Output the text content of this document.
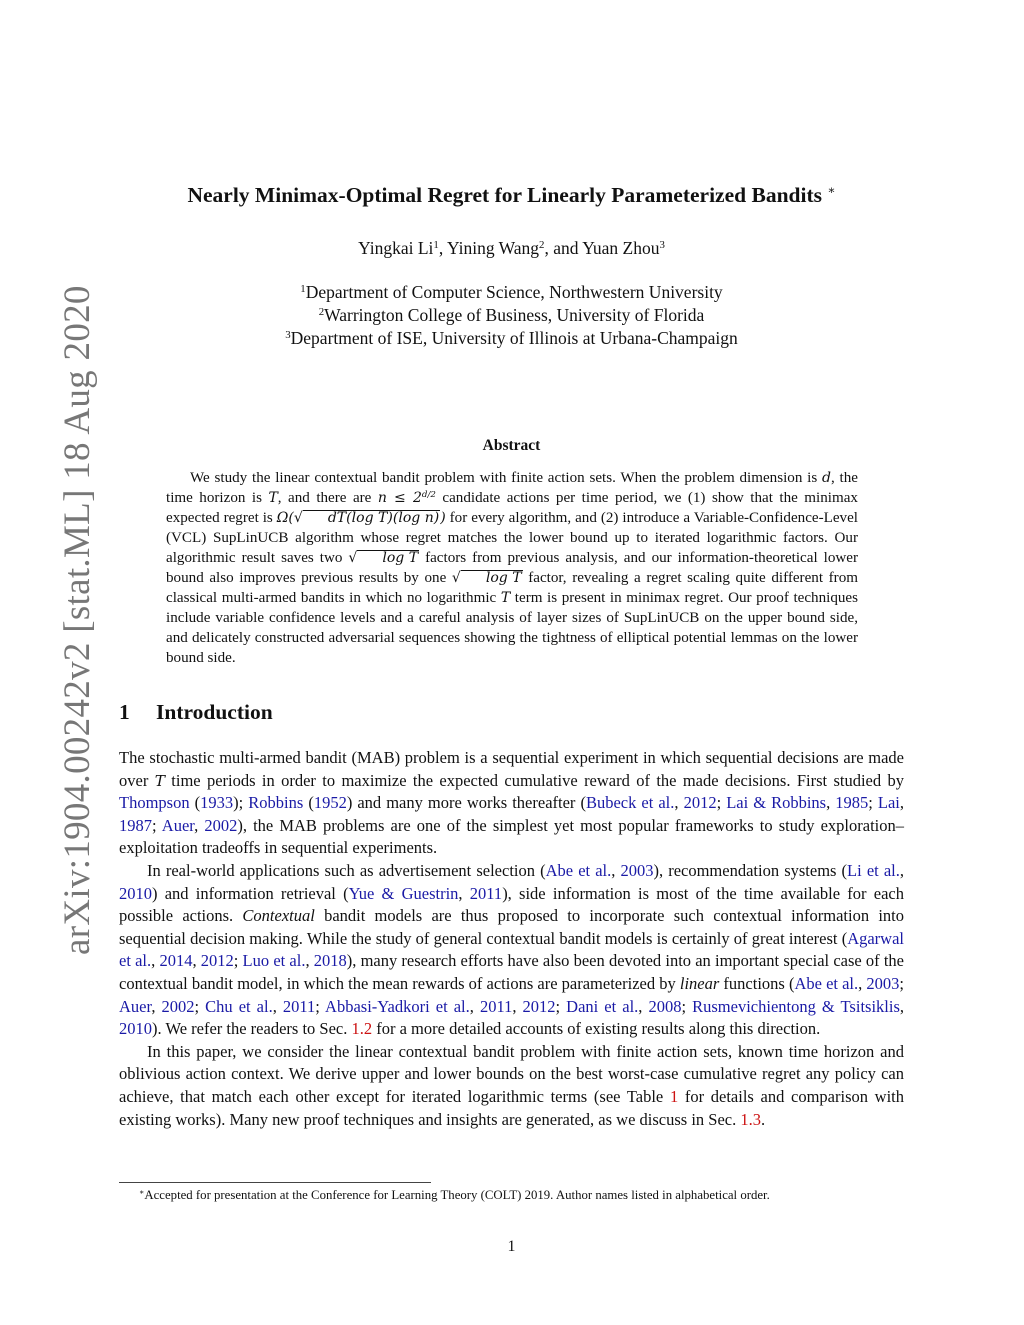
arXiv:1904.00242v2 [stat.ML] 18 Aug 2020
Nearly Minimax-Optimal Regret for Linearly Parameterized Bandits ∗
Yingkai Li$^1$, Yining Wang$^2$, and Yuan Zhou$^3$
$^1$Department of Computer Science, Northwestern University
$^2$Warrington College of Business, University of Florida
$^3$Department of ISE, University of Illinois at Urbana-Champaign
Abstract

We study the linear contextual bandit problem with finite action sets. When the problem dimension is d, the time horizon is T, and there are $n \le 2^{d/2}$ candidate actions per time period, we (1) show that the minimax expected regret is Ω(√ dT(log T)(log n)) for every algorithm, and (2) introduce a Variable-Confidence-Level (VCL) SupLinUCB algorithm whose regret matches the lower bound up to iterated logarithmic factors. Our algorithmic result saves two √ log T factors from previous analysis, and our information-theoretical lower bound also improves previous results by one √ log T factor, revealing a regret scaling quite different from classical multi-armed bandits in which no logarithmic T term is present in minimax regret. Our proof techniques include variable confidence levels and a careful analysis of layer sizes of SupLinUCB on the upper bound side, and delicately constructed adversarial sequences showing the tightness of elliptical potential lemmas on the lower bound side.

1 Introduction

The stochastic multi-armed bandit (MAB) problem is a sequential experiment in which sequential decisions are made over T time periods in order to maximize the expected cumulative reward of the made decisions. First studied by Thompson (1933); Robbins (1952) and many more works thereafter (Bubeck et al., 2012; Lai & Robbins, 1985; Lai, 1987; Auer, 2002), the MAB problems are one of the simplest yet most popular frameworks to study exploration–exploitation tradeoffs in sequential experiments.

In real-world applications such as advertisement selection (Abe et al., 2003), recommendation systems (Li et al., 2010) and information retrieval (Yue & Guestrin, 2011), side information is most of the time available for each possible actions. Contextual bandit models are thus proposed to incorporate such contextual information into sequential decision making. While the study of general contextual bandit models is certainly of great interest (Agarwal et al., 2014, 2012; Luo et al., 2018), many research efforts have also been devoted into an important special case of the contextual bandit model, in which the mean rewards of actions are parameterized by linear functions (Abe et al., 2003; Auer, 2002; Chu et al., 2011; Abbasi-Yadkori et al., 2011, 2012; Dani et al., 2008; Rusmevichientong & Tsitsiklis, 2010). We refer the readers to Sec. 1.2 for a more detailed accounts of existing results along this direction.

In this paper, we consider the linear contextual bandit problem with finite action sets, known time horizon and oblivious action context. We derive upper and lower bounds on the best worst-case cumulative regret any policy can achieve, that match each other except for iterated logarithmic terms (see Table 1 for details and comparison with existing works). Many new proof techniques and insights are generated, as we discuss in Sec. 1.3.

∗Accepted for presentation at the Conference for Learning Theory (COLT) 2019. Author names listed in alphabetical order.
1
